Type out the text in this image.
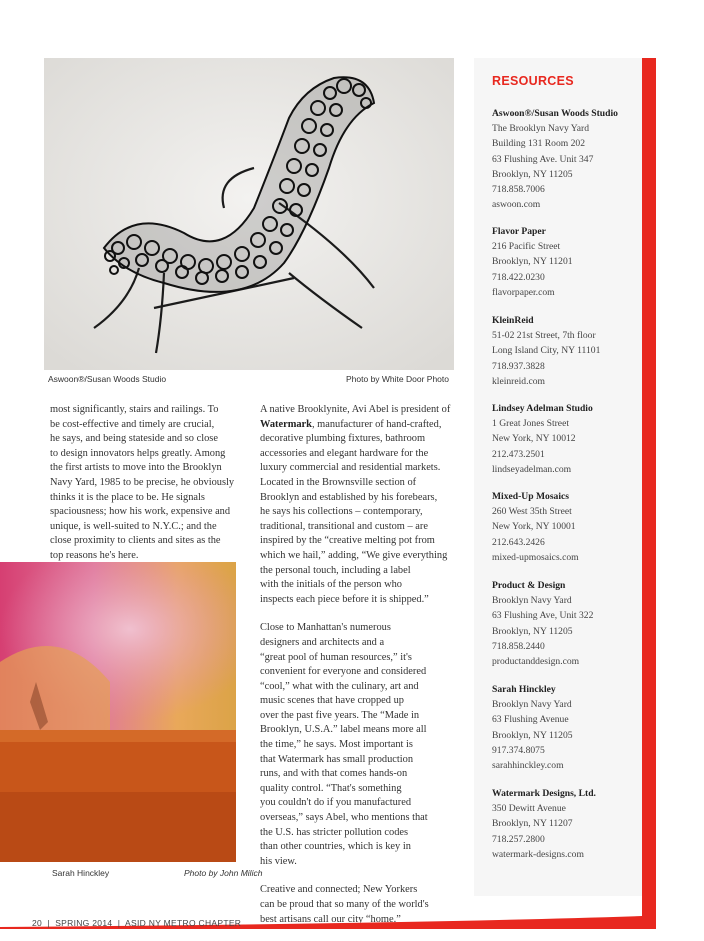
Aswoon®/Susan Woods Studio	Photo by White Door Photo
most significantly, stairs and railings. To
be cost-effective and timely are crucial,
he says, and being stateside and so close
to design innovators helps greatly. Among
the first artists to move into the Brooklyn
Navy Yard, 1985 to be precise, he obviously
thinks it is the place to be. He signals
spaciousness; how his work, expensive and
unique, is well-suited to N.Y.C.; and the
close proximity to clients and sites as the
top reasons he's here.
Sarah Hinckley	Photo by John Milich

A native Brooklynite, Avi Abel is president of
Watermark, manufacturer of hand-crafted,
decorative plumbing fixtures, bathroom
accessories and elegant hardware for the
luxury commercial and residential markets.
Located in the Brownsville section of
Brooklyn and established by his forebears,
he says his collections – contemporary,
traditional, transitional and custom – are
inspired by the “creative melting pot from
which we hail,” adding, “We give everything
the personal touch, including a label
with the initials of the person who
inspects each piece before it is shipped.”

Close to Manhattan's numerous
designers and architects and a
“great pool of human resources,” it's
convenient for everyone and considered
“cool,” what with the culinary, art and
music scenes that have cropped up
over the past five years. The “Made in
Brooklyn, U.S.A.” label means more all
the time,” he says. Most important is
that Watermark has small production
runs, and with that comes hands-on
quality control. “That's something
you couldn't do if you manufactured
overseas,” says Abel, who mentions that
the U.S. has stricter pollution codes
than other countries, which is key in
his view.

Creative and connected; New Yorkers
can be proud that so many of the world's
best artisans call our city “home.”

RESOURCES
Aswoon®/Susan Woods Studio
The Brooklyn Navy Yard
Building 131 Room 202
63 Flushing Ave. Unit 347
Brooklyn, NY 11205
718.858.7006
aswoon.com
Flavor Paper
216 Pacific Street
Brooklyn, NY 11201
718.422.0230
flavorpaper.com
KleinReid
51-02 21st Street, 7th floor
Long Island City, NY 11101
718.937.3828
kleinreid.com
Lindsey Adelman Studio
1 Great Jones Street
New York, NY 10012
212.473.2501
lindseyadelman.com
Mixed-Up Mosaics
260 West 35th Street
New York, NY 10001
212.643.2426
mixed-upmosaics.com
Product & Design
Brooklyn Navy Yard
63 Flushing Ave, Unit 322
Brooklyn, NY 11205
718.858.2440
productanddesign.com
Sarah Hinckley
Brooklyn Navy Yard
63 Flushing Avenue
Brooklyn, NY 11205
917.374.8075
sarahhinckley.com
Watermark Designs, Ltd.
350 Dewitt Avenue
Brooklyn, NY 11207
718.257.2800
watermark-designs.com
20  |  SPRING 2014  |  ASID NY METRO CHAPTER
